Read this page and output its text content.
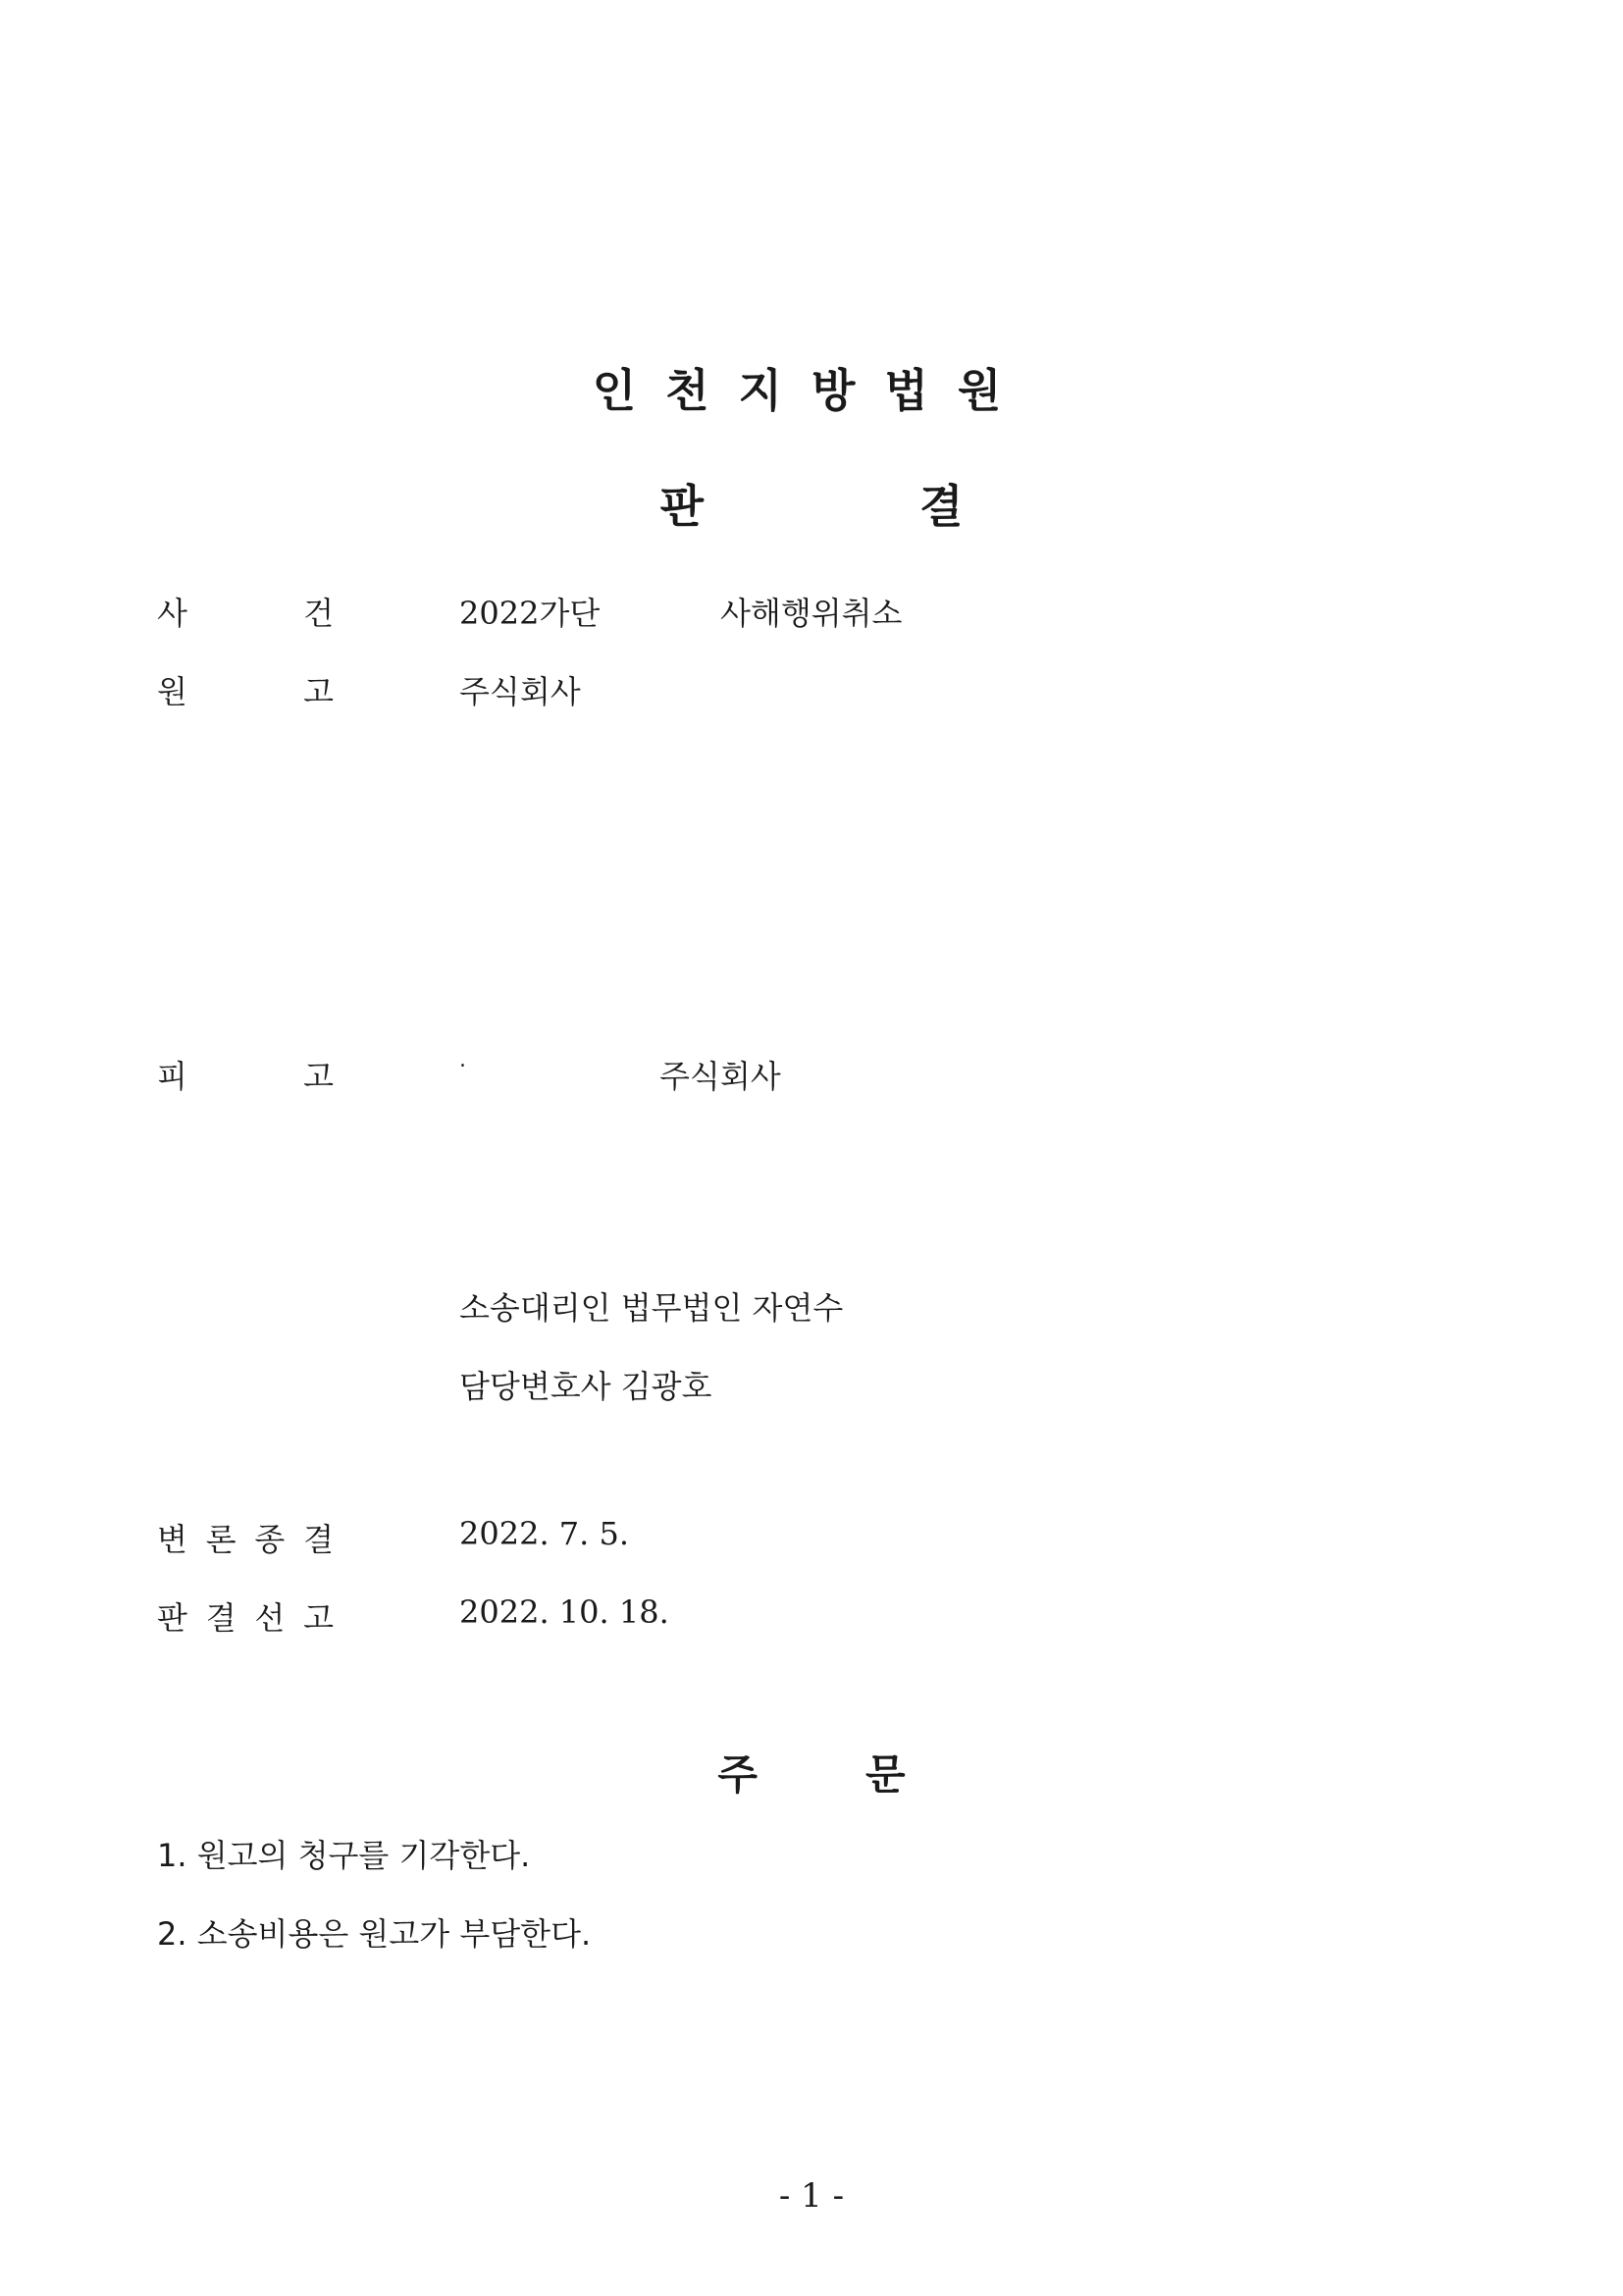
인천지방법원
판	결
사	건	2022가단	사해행위취소
원	고	주식회사
피	고	.	주식회사
소송대리인 법무법인 자연수
담당변호사 김광호
변 론 종 결	2022. 7. 5.
판 결 선 고	2022. 10. 18.
주	문
1. 원고의 청구를 기각한다.
2. 소송비용은 원고가 부담한다.
- 1 -
